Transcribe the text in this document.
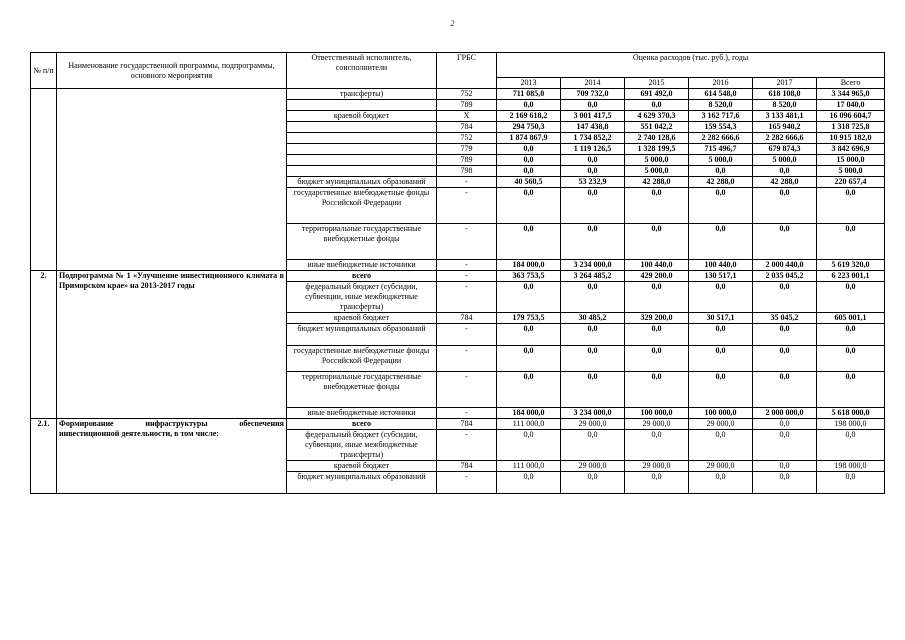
2
№ п/п	Наименование государственной программы, подпрограммы, основного мероприятия	Ответственный исполнитель, соисполнители	ГРБС	Оценка расходов (тыс. руб.), годы					
				2013	2014	2015	2016	2017	Всего
		трансферты)	752	711 085,0	709 732,0	691 492,0	614 548,0	618 108,0	3 344 965,0
			789	0,0	0,0	0,0	8 520,0	8 520,0	17 040,0
		краевой бюджет	X	2 169 618,2	3 001 417,5	4 629 370,3	3 162 717,6	3 133 481,1	16 096 604,7
			784	294 750,3	147 438,8	551 042,2	159 554,3	165 940,2	1 318 725,8
			752	1 874 867,9	1 734 852,2	2 740 128,6	2 282 666,6	2 282 666,6	10 915 182,0
			779	0,0	1 119 126,5	1 328 199,5	715 496,7	679 874,3	3 842 696,9
			789	0,0	0,0	5 000,0	5 000,0	5 000,0	15 000,0
			798	0,0	0,0	5 000,0	0,0	0,0	5 000,0
		бюджет муниципальных образований	-	40 560,5	53 232,9	42 288,0	42 288,0	42 288,0	220 657,4
		государственные внебюджетные фонды Российской Федерации	-	0,0	0,0	0,0	0,0	0,0	0,0
		территориальные государственные внебюджетные фонды	-	0,0	0,0	0,0	0,0	0,0	0,0
		иные внебюджетные источники	-	184 000,0	3 234 000,0	100 440,0	100 440,0	2 000 440,0	5 619 320,0
2.	Подпрограмма № 1 «Улучшение инвестиционного климата в Приморском крае» на 2013-2017 годы	всего	-	363 753,5	3 264 485,2	429 200,0	130 517,1	2 035 045,2	6 223 001,1
		федеральный бюджет (субсидии, субвенции, иные межбюджетные трансферты)	-	0,0	0,0	0,0	0,0	0,0	0,0
		краевой бюджет	784	179 753,5	30 485,2	329 200,0	30 517,1	35 045,2	605 001,1
		бюджет муниципальных образований	-	0,0	0,0	0,0	0,0	0,0	0,0
		государственные внебюджетные фонды Российской Федерации	-	0,0	0,0	0,0	0,0	0,0	0,0
		территориальные государственные внебюджетные фонды	-	0,0	0,0	0,0	0,0	0,0	0,0
		иные внебюджетные источники	-	184 000,0	3 234 000,0	100 000,0	100 000,0	2 000 000,0	5 618 000,0
2.1.	Формирование инфраструктуры обеспечения инвестиционной деятельности, в том числе:	всего	784	111 000,0	29 000,0	29 000,0	29 000,0	0,0	198 000,0
		федеральный бюджет (субсидии, субвенции, иные межбюджетные трансферты)	-	0,0	0,0	0,0	0,0	0,0	0,0
		краевой бюджет	784	111 000,0	29 000,0	29 000,0	29 000,0	0,0	198 000,0
		бюджет муниципальных образований	-	0,0	0,0	0,0	0,0	0,0	0,0
